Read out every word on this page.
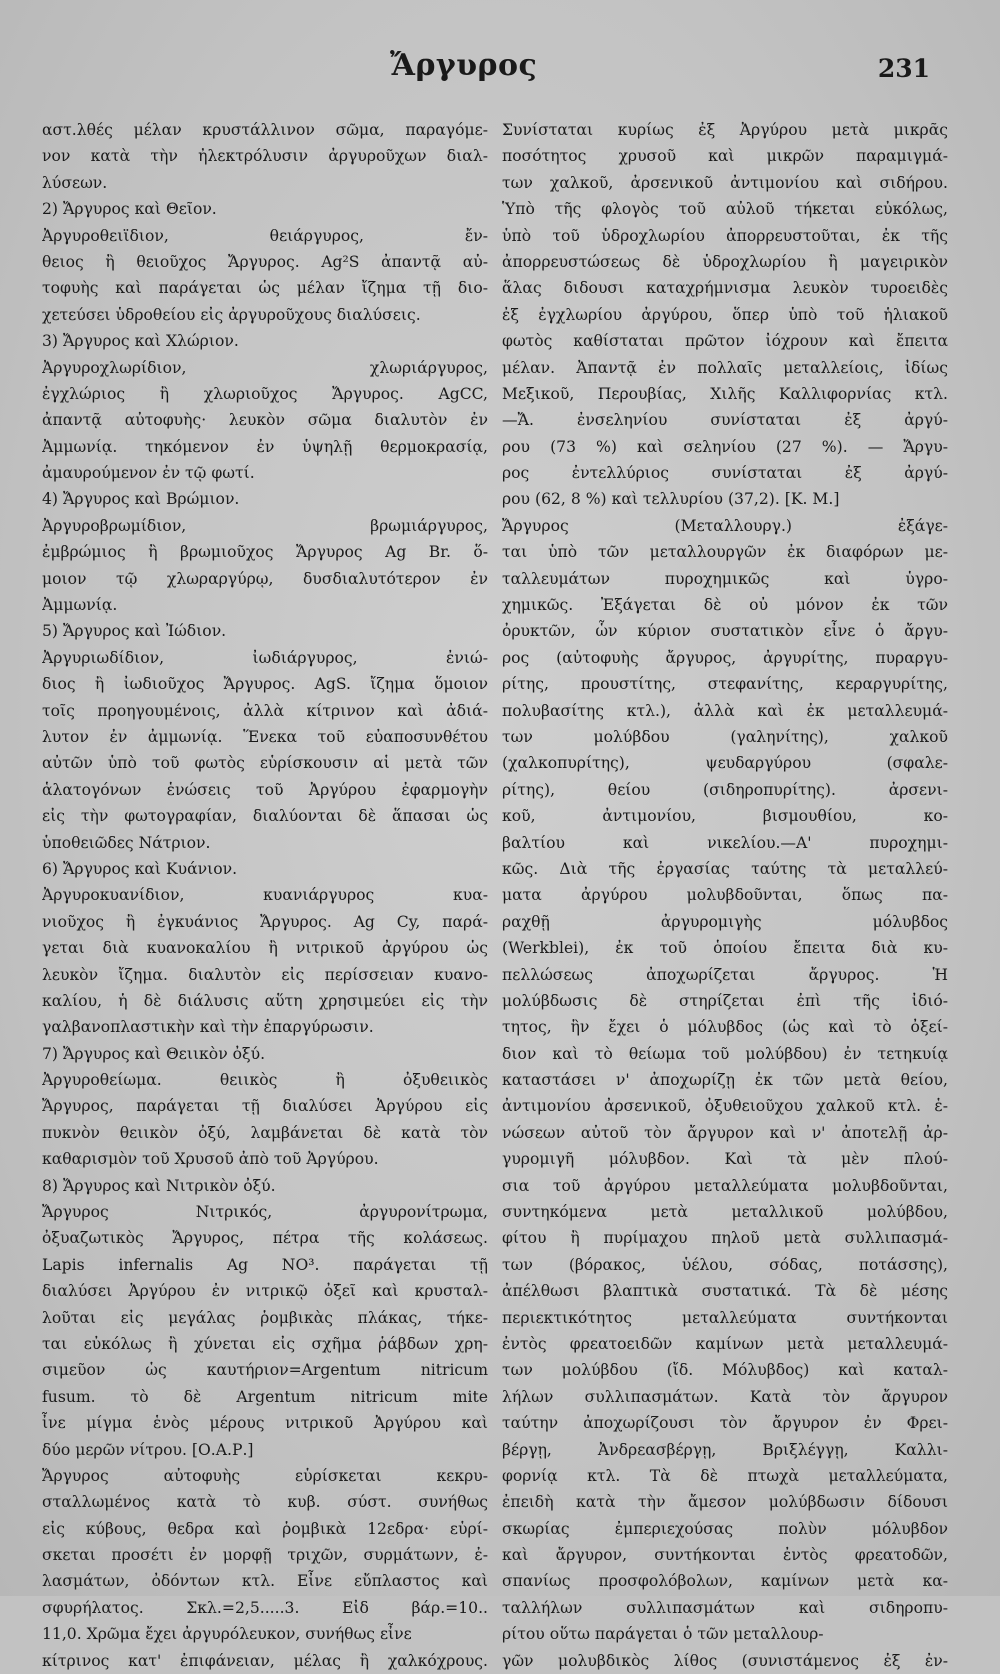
Ἄργυρος	231
αστ.λθές μέλαν κρυστάλλινον σῶμα, παραγόμε-
νον κατὰ τὴν ἠλεκτρόλυσιν ἀργυροῦχων διαλ-
λύσεων.
2) Ἄργυρος καὶ Θεῖον.
Ἀργυροθειϊδιον, θειάργυρος, ἔν-
θειος ἢ θειοῦχος Ἄργυρος. Ag²S ἀπαντᾷ αὐ-
τοφυὴς καὶ παράγεται ὡς μέλαν ἴζημα τῇ διο-
χετεύσει ὑδροθείου εἰς ἀργυροῦχους διαλύσεις.
3) Ἄργυρος καὶ Χλώριον.
Ἀργυροχλωρίδιον, χλωριάργυρος,
ἐγχλώριος ἢ χλωριοῦχος Ἄργυρος. AgCC,
ἀπαντᾷ αὐτοφυὴς· λευκὸν σῶμα διαλυτὸν ἐν
Ἀμμωνίᾳ. τηκόμενον ἐν ὑψηλῇ θερμοκρασίᾳ,
ἀμαυρούμενον ἐν τῷ φωτί.
4) Ἄργυρος καὶ Βρώμιον.
Ἀργυροβρωμίδιον, βρωμιάργυρος,
ἐμβρώμιος ἢ βρωμιοῦχος Ἄργυρος Ag Br. ὅ-
μοιον τῷ χλωραργύρῳ, δυσδιαλυτότερον ἐν
Ἀμμωνίᾳ.
5) Ἄργυρος καὶ Ἰώδιον.
Ἀργυριωδίδιον, ἰωδιάργυρος, ἐνιώ-
διος ἢ ἰωδιοῦχος Ἄργυρος. AgS. ἴζημα ὅμοιον
τοῖς προηγουμένοις, ἀλλὰ κίτρινον καὶ ἀδιά-
λυτον ἐν ἀμμωνίᾳ. Ἕνεκα τοῦ εὐαποσυνθέτου
αὐτῶν ὑπὸ τοῦ φωτὸς εὑρίσκουσιν αἱ μετὰ τῶν
ἁλατογόνων ἑνώσεις τοῦ Ἀργύρου ἐφαρμογὴν
εἰς τὴν φωτογραφίαν, διαλύονται δὲ ἅπασαι ὡς
ὑποθειῶδες Νάτριον.
6) Ἄργυρος καὶ Κυάνιον.
Ἀργυροκυανίδιον, κυανιάργυρος κυα-
νιοῦχος ἢ ἐγκυάνιος Ἄργυρος. Ag Cy, παρά-
γεται διὰ κυανοκαλίου ἢ νιτρικοῦ ἀργύρου ὡς
λευκὸν ἴζημα. διαλυτὸν εἰς περίσσειαν κυανο-
καλίου, ἡ δὲ διάλυσις αὕτη χρησιμεύει εἰς τὴν
γαλβανοπλαστικὴν καὶ τὴν ἐπαργύρωσιν.
7) Ἄργυρος καὶ Θειικὸν ὀξύ.
Ἀργυροθείωμα. θειικὸς ἢ ὀξυθειικὸς
Ἄργυρος, παράγεται τῇ διαλύσει Ἀργύρου εἰς
πυκνὸν θειικὸν ὀξύ, λαμβάνεται δὲ κατὰ τὸν
καθαρισμὸν τοῦ Χρυσοῦ ἀπὸ τοῦ Ἀργύρου.
8) Ἄργυρος καὶ Νιτρικὸν ὀξύ.
Ἄργυρος Νιτρικός, ἀργυρονίτρωμα,
ὀξυαζωτικὸς Ἄργυρος, πέτρα τῆς κολάσεως.
Lapis infernalis Ag NO³. παράγεται τῇ
διαλύσει Ἀργύρου ἐν νιτρικῷ ὀξεῖ καὶ κρυσταλ-
λοῦται εἰς μεγάλας ῥομβικὰς πλάκας, τήκε-
ται εὐκόλως ἢ χύνεται εἰς σχῆμα ῥάβδων χρη-
σιμεῦον ὡς καυτήριον=Argentum nitricum
fusum. τὸ δὲ Argentum nitricum mite
ἶνε μίγμα ἑνὸς μέρους νιτρικοῦ Ἀργύρου καὶ
δύο μερῶν νίτρου. [Ο.Α.Ρ.]
Ἄργυρος αὐτοφυὴς εὑρίσκεται κεκρυ-
σταλλωμένος κατὰ τὸ κυβ. σύστ. συνήθως
εἰς κύβους, θεδρα καὶ ῥομβικὰ 12εδρα· εὑρί-
σκεται προσέτι ἐν μορφῇ τριχῶν, συρμάτωνν, ἐ-
λασμάτων, ὀδόντων κτλ. Εἶνε εὔπλαστος καὶ
σφυρήλατος. Σκλ.=2,5.....3. Εἰδ βάρ.=10..
11,0. Χρῶμα ἔχει ἀργυρόλευκον, συνήθως εἶνε
κίτρινος κατ' ἐπιφάνειαν, μέλας ἢ χαλκόχρους.
Συνίσταται κυρίως ἐξ Ἀργύρου μετὰ μικρᾶς
ποσότητος χρυσοῦ καὶ μικρῶν παραμιγμά-
των χαλκοῦ, ἀρσενικοῦ ἀντιμονίου καὶ σιδήρου.
Ὑπὸ τῆς φλογὸς τοῦ αὐλοῦ τήκεται εὐκόλως,
ὑπὸ τοῦ ὑδροχλωρίου ἀπορρευστοῦται, ἐκ τῆς
ἀπορρευστώσεως δὲ ὑδροχλωρίου ἢ μαγειρικὸν
ἅλας διδουσι καταχρήμνισμα λευκὸν τυροειδὲς
ἐξ ἐγχλωρίου ἀργύρου, ὅπερ ὑπὸ τοῦ ἡλιακοῦ
φωτὸς καθίσταται πρῶτον ἰόχρουν καὶ ἔπειτα
μέλαν. Ἀπαντᾷ ἐν πολλαῖς μεταλλείοις, ἰδίως
Μεξικοῦ, Περουβίας, Χιλῆς Καλλιφορνίας κτλ.
—Ἄ. ἐνσεληνίου συνίσταται ἐξ ἀργύ-
ρου (73 %) καὶ σεληνίου (27 %). — Ἄργυ-
ρος ἐντελλύριος συνίσταται ἐξ ἀργύ-
ρου (62, 8 %) καὶ τελλυρίου (37,2). [Κ. Μ.]
Ἄργυρος (Μεταλλουργ.) ἐξάγε-
ται ὑπὸ τῶν μεταλλουργῶν ἐκ διαφόρων με-
ταλλευμάτων πυροχημικῶς καὶ ὑγρο-
χημικῶς. Ἐξάγεται δὲ οὐ μόνον ἐκ τῶν
ὀρυκτῶν, ὧν κύριον συστατικὸν εἶνε ὁ ἄργυ-
ρος (αὐτοφυὴς ἄργυρος, ἀργυρίτης, πυραργυ-
ρίτης, προυστίτης, στεφανίτης, κεραργυρίτης,
πολυβασίτης κτλ.), ἀλλὰ καὶ ἐκ μεταλλευμά-
των μολύβδου (γαληνίτης), χαλκοῦ
(χαλκοπυρίτης), ψευδαργύρου (σφαλε-
ρίτης), θείου (σιδηροπυρίτης). ἀρσενι-
κοῦ, ἀντιμονίου, βισμουθίου, κο-
βαλτίου καὶ νικελίου.—Α' πυροχημι-
κῶς. Διὰ τῆς ἐργασίας ταύτης τὰ μεταλλεύ-
ματα ἀργύρου μολυβδοῦνται, ὅπως πα-
ραχθῇ ἀργυρομιγὴς μόλυβδος
(Werkblei), ἐκ τοῦ ὁποίου ἔπειτα διὰ κυ-
πελλώσεως ἀποχωρίζεται ἄργυρος. Ἡ
μολύβδωσις δὲ στηρίζεται ἐπὶ τῆς ἰδιό-
τητος, ἣν ἔχει ὁ μόλυβδος (ὡς καὶ τὸ ὀξεί-
διον καὶ τὸ θείωμα τοῦ μολύβδου) ἐν τετηκυίᾳ
καταστάσει ν' ἀποχωρίζῃ ἐκ τῶν μετὰ θείου,
ἀντιμονίου ἀρσενικοῦ, ὀξυθειοῦχου χαλκοῦ κτλ. ἑ-
νώσεων αὐτοῦ τὸν ἄργυρον καὶ ν' ἀποτελῇ ἀρ-
γυρομιγῆ μόλυβδον. Καὶ τὰ μὲν πλού-
σια τοῦ ἀργύρου μεταλλεύματα μολυβδοῦνται,
συντηκόμενα μετὰ μεταλλικοῦ μολύβδου,
φίτου ἢ πυρίμαχου πηλοῦ μετὰ συλλιπασμά-
των (βόρακος, ὑέλου, σόδας, ποτάσσης),
ἀπέλθωσι βλαπτικὰ συστατικά. Τὰ δὲ μέσης
περιεκτικότητος μεταλλεύματα συντήκονται
ἐντὸς φρεατοειδῶν καμίνων μετὰ μεταλλευμά-
των μολύβδου (ἴδ. Μόλυβδος) καὶ καταλ-
λήλων συλλιπασμάτων. Κατὰ τὸν ἄργυρον
ταύτην ἀποχωρίζουσι τὸν ἄργυρον ἐν Φρει-
βέργῃ, Ἀνδρεασβέργῃ, Βριξλέγγῃ, Καλλι-
φορνίᾳ κτλ. Τὰ δὲ πτωχὰ μεταλλεύματα,
ἐπειδὴ κατὰ τὴν ἄμεσον μολύβδωσιν δίδουσι
σκωρίας ἐμπεριεχούσας πολὺν μόλυβδον
καὶ ἄργυρον, συντήκονται ἐντὸς φρεατοδῶν,
σπανίως προσφολόβολων, καμίνων μετὰ κα-
ταλλήλων συλλιπασμάτων καὶ σιδηροπυ-
ρίτου οὕτω παράγεται ὁ τῶν μεταλλουρ-
γῶν μολυβδικὸς λίθος (συνιστάμενος ἐξ ἐν-
